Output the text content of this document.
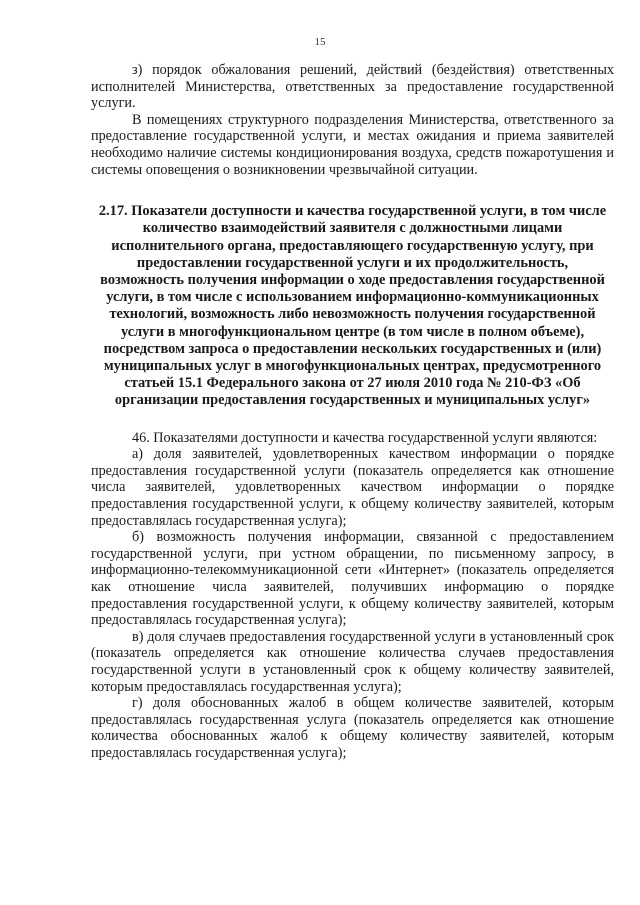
15

з) порядок обжалования решений, действий (бездействия) ответственных исполнителей Министерства, ответственных за предоставление государственной услуги.

В помещениях структурного подразделения Министерства, ответственного за предоставление государственной услуги, и местах ожидания и приема заявителей необходимо наличие системы кондиционирования воздуха, средств пожаротушения и системы оповещения о возникновении чрезвычайной ситуации.

2.17. Показатели доступности и качества государственной услуги, в том числе количество взаимодействий заявителя с должностными лицами исполнительного органа, предоставляющего государственную услугу, при предоставлении государственной услуги и их продолжительность, возможность получения информации о ходе предоставления государственной услуги, в том числе с использованием информационно-коммуникационных технологий, возможность либо невозможность получения государственной услуги в многофункциональном центре (в том числе в полном объеме), посредством запроса о предоставлении нескольких государственных и (или) муниципальных услуг в многофункциональных центрах, предусмотренного статьей 15.1 Федерального закона от 27 июля 2010 года № 210-ФЗ «Об организации предоставления государственных и муниципальных услуг»

46. Показателями доступности и качества государственной услуги являются:

а) доля заявителей, удовлетворенных качеством информации о порядке предоставления государственной услуги (показатель определяется как отношение числа заявителей, удовлетворенных качеством информации о порядке предоставления государственной услуги, к общему количеству заявителей, которым предоставлялась государственная услуга);

б) возможность получения информации, связанной с предоставлением государственной услуги, при устном обращении, по письменному запросу, в информационно-телекоммуникационной сети «Интернет» (показатель определяется как отношение числа заявителей, получивших информацию о порядке предоставления государственной услуги, к общему количеству заявителей, которым предоставлялась государственная услуга);

в) доля случаев предоставления государственной услуги в установленный срок (показатель определяется как отношение количества случаев предоставления государственной услуги в установленный срок к общему количеству заявителей, которым предоставлялась государственная услуга);

г) доля обоснованных жалоб в общем количестве заявителей, которым предоставлялась государственная услуга (показатель определяется как отношение количества обоснованных жалоб к общему количеству заявителей, которым предоставлялась государственная услуга);
